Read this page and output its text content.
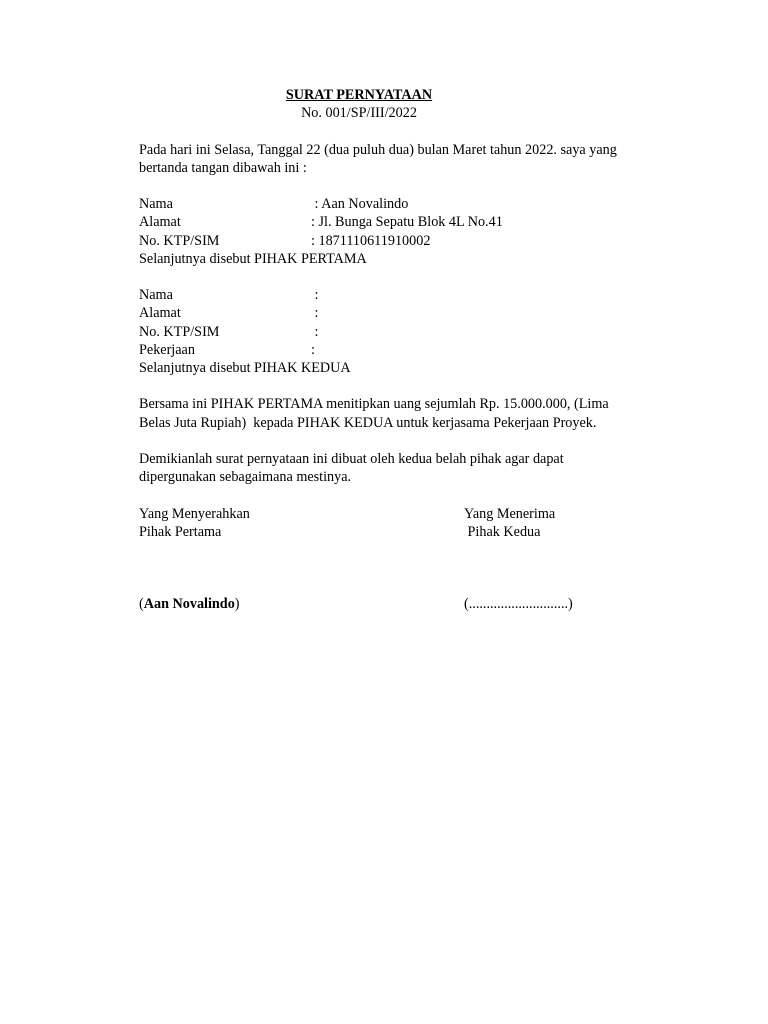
SURAT PERNYATAAN
No. 001/SP/III/2022
Pada hari ini Selasa, Tanggal 22 (dua puluh dua) bulan Maret tahun 2022. saya yang
bertanda tangan dibawah ini :
Nama	: Aan Novalindo
Alamat	: Jl. Bunga Sepatu Blok 4L No.41
No. KTP/SIM	: 1871110611910002
Selanjutnya disebut PIHAK PERTAMA
Nama	:
Alamat	:
No. KTP/SIM	:
Pekerjaan	:
Selanjutnya disebut PIHAK KEDUA
Bersama ini PIHAK PERTAMA menitipkan uang sejumlah Rp. 15.000.000, (Lima
Belas Juta Rupiah)  kepada PIHAK KEDUA untuk kerjasama Pekerjaan Proyek.
Demikianlah surat pernyataan ini dibuat oleh kedua belah pihak agar dapat
dipergunakan sebagaimana mestinya.
Yang Menyerahkan	Yang Menerima
Pihak Pertama	Pihak Kedua
(Aan Novalindo)	(............................)
